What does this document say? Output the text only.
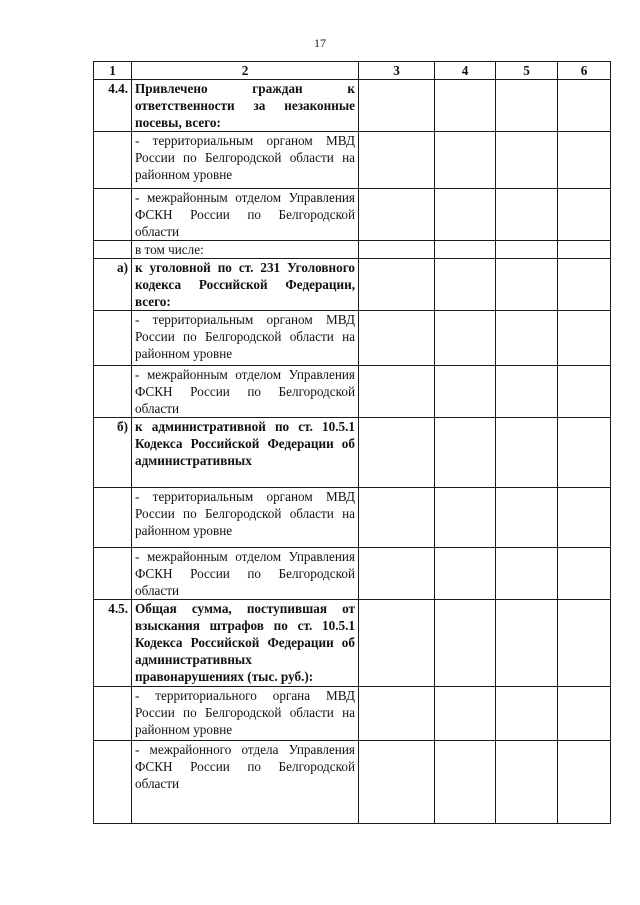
17
1	2	3	4	5	6
4.4.	Привлечено граждан к ответственности за незаконные посевы, всего:				
	- территориальным органом МВД России по Белгородской области на районном уровне				
	- межрайонным отделом Управления ФСКН России по Белгородской области				
	в том числе:				
а)	к уголовной по ст. 231 Уголовного кодекса Российской Федерации, всего:				
	- территориальным органом МВД России по Белгородской области на районном уровне				
	- межрайонным отделом Управления ФСКН России по Белгородской области				
б)	к административной по ст. 10.5.1 Кодекса Российской Федерации об административных				
	- территориальным органом МВД России по Белгородской области на районном уровне				
	- межрайонным отделом Управления ФСКН России по Белгородской области				
4.5.	Общая сумма, поступившая от взыскания штрафов по ст. 10.5.1 Кодекса Российской Федерации об административных правонарушениях (тыс. руб.):				
	- территориального органа МВД России по Белгородской области на районном уровне				
	- межрайонного отдела Управления ФСКН России по Белгородской области				
